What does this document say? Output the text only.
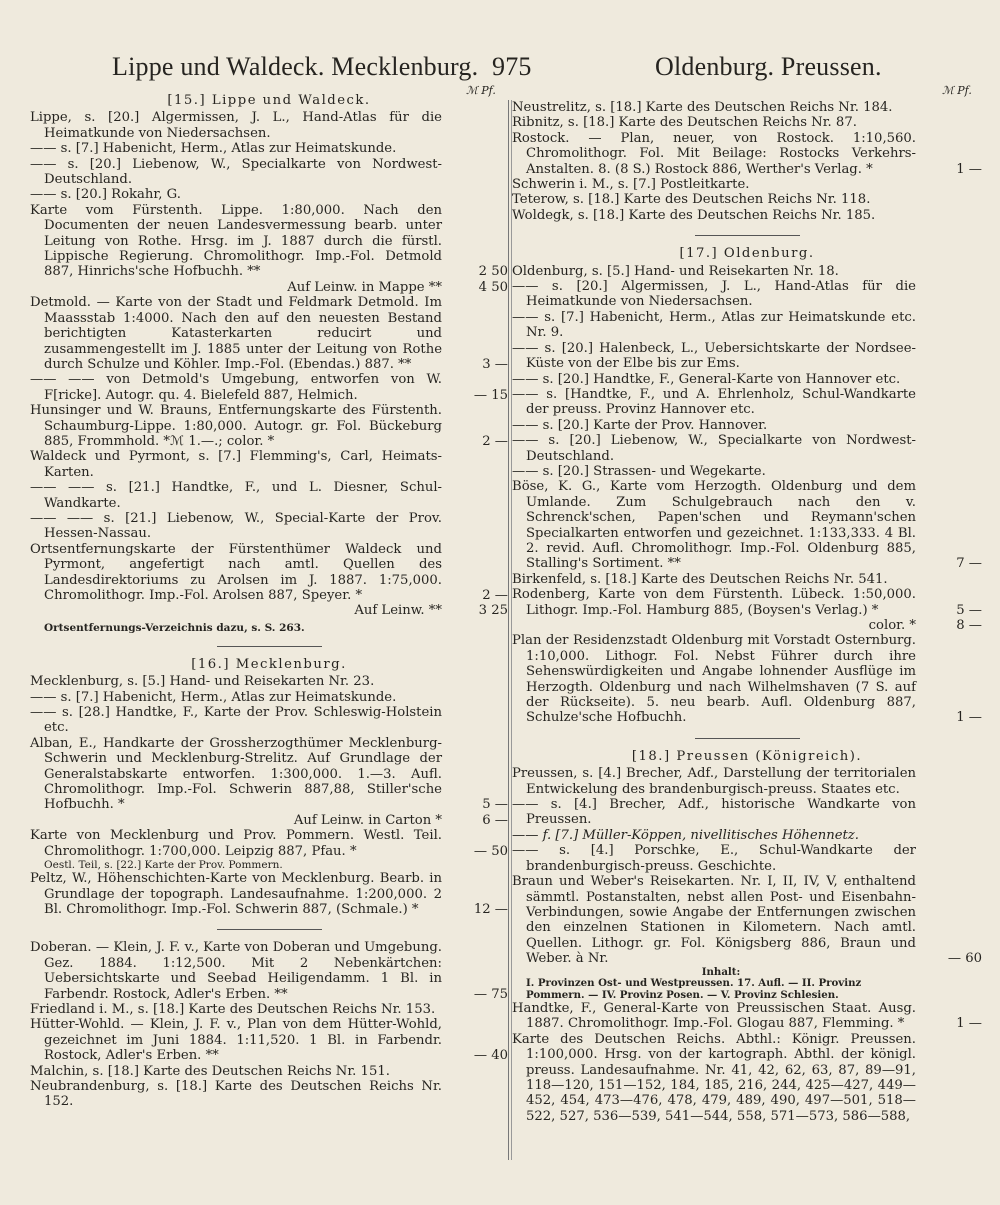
Lippe und Waldeck. Mecklenburg. 975	Oldenburg. Preussen.
ℳ Pf.	ℳ Pf.
[15.] Lippe und Waldeck.
Lippe, s. [20.] Algermissen, J. L., Hand-Atlas für die Heimatkunde von Niedersachsen.
—— s. [7.] Habenicht, Herm., Atlas zur Heimatskunde.
—— s. [20.] Liebenow, W., Specialkarte von Nordwest-Deutschland.
—— s. [20.] Rokahr, G.
Karte vom Fürstenth. Lippe. 1:80,000. Nach den Documenten der neuen Landesvermessung bearb. unter Leitung von Rothe. Hrsg. im J. 1887 durch die fürstl. Lippische Regierung. Chromolithogr. Imp.-Fol. Detmold 887, Hinrichs'sche Hofbuchh. **	2 50
Auf Leinw. in Mappe **	4 50
Detmold. — Karte von der Stadt und Feldmark Detmold. Im Maassstab 1:4000. Nach den auf den neuesten Bestand berichtigten Katasterkarten reducirt und zusammengestellt im J. 1885 unter der Leitung von Rothe durch Schulze und Köhler. Imp.-Fol. (Ebendas.) 887. **	3 —
—— —— von Detmold's Umgebung, entworfen von W. F[ricke]. Autogr. qu. 4. Bielefeld 887, Helmich.	— 15
Hunsinger und W. Brauns, Entfernungskarte des Fürstenth. Schaumburg-Lippe. 1:80,000. Autogr. gr. Fol. Bückeburg 885, Frommhold. *ℳ 1.—.; color. *	2 —
Waldeck und Pyrmont, s. [7.] Flemming's, Carl, Heimats-Karten.
—— —— s. [21.] Handtke, F., und L. Diesner, Schul-Wandkarte.
—— —— s. [21.] Liebenow, W., Special-Karte der Prov. Hessen-Nassau.
Ortsentfernungskarte der Fürstenthümer Waldeck und Pyrmont, angefertigt nach amtl. Quellen des Landesdirektoriums zu Arolsen im J. 1887. 1:75,000. Chromolithogr. Imp.-Fol. Arolsen 887, Speyer. *	2 —
Auf Leinw. **	3 25
Ortsentfernungs-Verzeichnis dazu, s. S. 263.
[16.] Mecklenburg.
Mecklenburg, s. [5.] Hand- und Reisekarten Nr. 23.
—— s. [7.] Habenicht, Herm., Atlas zur Heimatskunde.
—— s. [28.] Handtke, F., Karte der Prov. Schleswig-Holstein etc.
Alban, E., Handkarte der Grossherzogthümer Mecklenburg-Schwerin und Mecklenburg-Strelitz. Auf Grundlage der Generalstabskarte entworfen. 1:300,000. 1.—3. Aufl. Chromolithogr. Imp.-Fol. Schwerin 887,88, Stiller'sche Hofbuchh. *	5 —
Auf Leinw. in Carton *	6 —
Karte von Mecklenburg und Prov. Pommern. Westl. Teil. Chromolithogr. 1:700,000. Leipzig 887, Pfau. *	— 50
Oestl. Teil, s. [22.] Karte der Prov. Pommern.
Peltz, W., Höhenschichten-Karte von Mecklenburg. Bearb. in Grundlage der topograph. Landesaufnahme. 1:200,000. 2 Bl. Chromolithogr. Imp.-Fol. Schwerin 887, (Schmale.) *	12 —
Doberan. — Klein, J. F. v., Karte von Doberan und Umgebung. Gez. 1884. 1:12,500. Mit 2 Nebenkärtchen: Uebersichtskarte und Seebad Heiligendamm. 1 Bl. in Farbendr. Rostock, Adler's Erben. **	— 75
Friedland i. M., s. [18.] Karte des Deutschen Reichs Nr. 153.
Hütter-Wohld. — Klein, J. F. v., Plan von dem Hütter-Wohld, gezeichnet im Juni 1884. 1:11,520. 1 Bl. in Farbendr. Rostock, Adler's Erben. **	— 40
Malchin, s. [18.] Karte des Deutschen Reichs Nr. 151.
Neubrandenburg, s. [18.] Karte des Deutschen Reichs Nr. 152.
Neustrelitz, s. [18.] Karte des Deutschen Reichs Nr. 184.
Ribnitz, s. [18.] Karte des Deutschen Reichs Nr. 87.
Rostock. — Plan, neuer, von Rostock. 1:10,560. Chromolithogr. Fol. Mit Beilage: Rostocks Verkehrs-Anstalten. 8. (8 S.) Rostock 886, Werther's Verlag. *	1 —
Schwerin i. M., s. [7.] Postleitkarte.
Teterow, s. [18.] Karte des Deutschen Reichs Nr. 118.
Woldegk, s. [18.] Karte des Deutschen Reichs Nr. 185.
[17.] Oldenburg.
Oldenburg, s. [5.] Hand- und Reisekarten Nr. 18.
—— s. [20.] Algermissen, J. L., Hand-Atlas für die Heimatkunde von Niedersachsen.
—— s. [7.] Habenicht, Herm., Atlas zur Heimatskunde etc. Nr. 9.
—— s. [20.] Halenbeck, L., Uebersichtskarte der Nordsee-Küste von der Elbe bis zur Ems.
—— s. [20.] Handtke, F., General-Karte von Hannover etc.
—— s. [Handtke, F., und A. Ehrlenholz, Schul-Wandkarte der preuss. Provinz Hannover etc.
—— s. [20.] Karte der Prov. Hannover.
—— s. [20.] Liebenow, W., Specialkarte von Nordwest-Deutschland.
—— s. [20.] Strassen- und Wegekarte.
Böse, K. G., Karte vom Herzogth. Oldenburg und dem Umlande. Zum Schulgebrauch nach den v. Schrenck'schen, Papen'schen und Reymann'schen Specialkarten entworfen und gezeichnet. 1:133,333. 4 Bl. 2. revid. Aufl. Chromolithogr. Imp.-Fol. Oldenburg 885, Stalling's Sortiment. **	7 —
Birkenfeld, s. [18.] Karte des Deutschen Reichs Nr. 541.
Rodenberg, Karte von dem Fürstenth. Lübeck. 1:50,000. Lithogr. Imp.-Fol. Hamburg 885, (Boysen's Verlag.) *	5 —
color. *	8 —
Plan der Residenzstadt Oldenburg mit Vorstadt Osternburg. 1:10,000. Lithogr. Fol. Nebst Führer durch ihre Sehenswürdigkeiten und Angabe lohnender Ausflüge im Herzogth. Oldenburg und nach Wilhelmshaven (7 S. auf der Rückseite). 5. neu bearb. Aufl. Oldenburg 887, Schulze'sche Hofbuchh.	1 —
[18.] Preussen (Königreich).
Preussen, s. [4.] Brecher, Adf., Darstellung der territorialen Entwickelung des brandenburgisch-preuss. Staates etc.
—— s. [4.] Brecher, Adf., historische Wandkarte von Preussen.
—— f. [7.] Müller-Köppen, nivellitisches Höhennetz.
—— s. [4.] Porschke, E., Schul-Wandkarte der brandenburgisch-preuss. Geschichte.
Braun und Weber's Reisekarten. Nr. I, II, IV, V, enthaltend sämmtl. Postanstalten, nebst allen Post- und Eisenbahn-Verbindungen, sowie Angabe der Entfernungen zwischen den einzelnen Stationen in Kilometern. Nach amtl. Quellen. Lithogr. gr. Fol. Königsberg 886, Braun und Weber. à Nr.	— 60
Inhalt:
I. Provinzen Ost- und Westpreussen. 17. Aufl. — II. Provinz Pommern. — IV. Provinz Posen. — V. Provinz Schlesien.
Handtke, F., General-Karte von Preussischen Staat. Ausg. 1887. Chromolithogr. Imp.-Fol. Glogau 887, Flemming. *	1 —
Karte des Deutschen Reichs. Abthl.: Königr. Preussen. 1:100,000. Hrsg. von der kartograph. Abthl. der königl. preuss. Landesaufnahme. Nr. 41, 42, 62, 63, 87, 89—91, 118—120, 151—152, 184, 185, 216, 244, 425—427, 449—452, 454, 473—476, 478, 479, 489, 490, 497—501, 518—522, 527, 536—539, 541—544, 558, 571—573, 586—588,
